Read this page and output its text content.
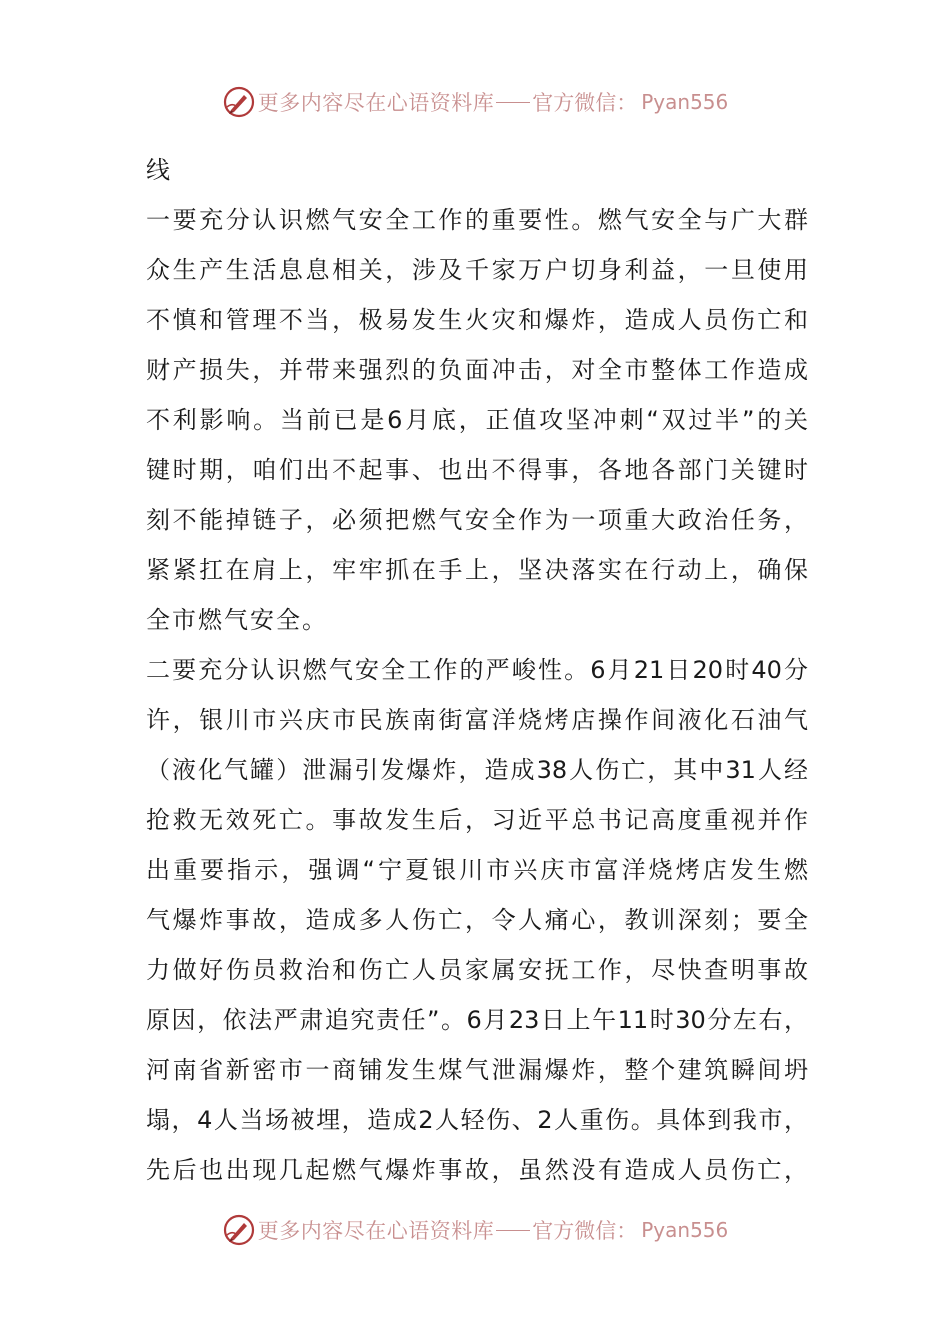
更多内容尽在心语资料库 官方微信： Pyan556
线
一要充分认识燃气安全工作的重要性。燃气安全与广大群
众生产生活息息相关，涉及千家万户切身利益，一旦使用
不慎和管理不当，极易发生火灾和爆炸，造成人员伤亡和
财产损失，并带来强烈的负面冲击，对全市整体工作造成
不利影响。当前已是6月底，正值攻坚冲刺“双过半”的关
键时期，咱们出不起事、也出不得事，各地各部门关键时
刻不能掉链子，必须把燃气安全作为一项重大政治任务，
紧紧扛在肩上，牢牢抓在手上，坚决落实在行动上，确保
全市燃气安全。
二要充分认识燃气安全工作的严峻性。6月21日20时40分
许，银川市兴庆市民族南街富洋烧烤店操作间液化石油气
（液化气罐）泄漏引发爆炸，造成38人伤亡，其中31人经
抢救无效死亡。事故发生后，习近平总书记高度重视并作
出重要指示，强调“宁夏银川市兴庆市富洋烧烤店发生燃
气爆炸事故，造成多人伤亡，令人痛心，教训深刻；要全
力做好伤员救治和伤亡人员家属安抚工作，尽快查明事故
原因，依法严肃追究责任”。6月23日上午11时30分左右，
河南省新密市一商铺发生煤气泄漏爆炸，整个建筑瞬间坍
塌，4人当场被埋，造成2人轻伤、2人重伤。具体到我市，
先后也出现几起燃气爆炸事故，虽然没有造成人员伤亡，
更多内容尽在心语资料库 官方微信： Pyan556
